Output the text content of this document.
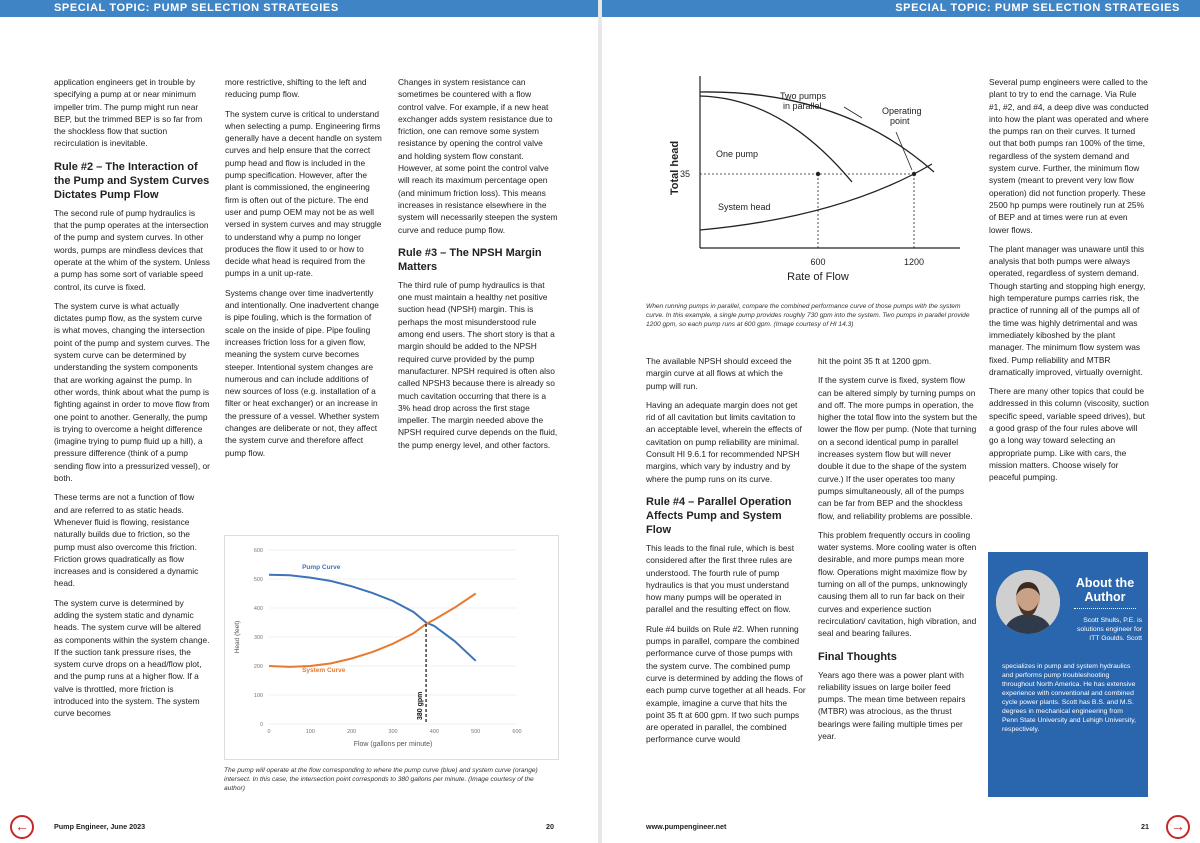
SPECIAL TOPIC: PUMP SELECTION STRATEGIES	SPECIAL TOPIC: PUMP SELECTION STRATEGIES

application engineers get in trouble by specifying a pump at or near minimum impeller trim. The pump might run near BEP, but the trimmed BEP is so far from the shockless flow that suction recirculation is inevitable.

Rule #2 – The Interaction of the Pump and System Curves Dictates Pump Flow

The second rule of pump hydraulics is that the pump operates at the intersection of the pump and system curves. In other words, pumps are mindless devices that operate at the whim of the system. Unless a pump has some sort of variable speed control, its curve is fixed.

The system curve is what actually dictates pump flow, as the system curve is what moves, changing the intersection point of the pump and system curves. The system curve can be determined by understanding the system components that are working against the pump. In other words, think about what the pump is fighting against in order to move flow from one point to another. Generally, the pump is trying to overcome a height difference (imagine trying to pump fluid up a hill), a pressure difference (think of a pump sending flow into a pressurized vessel), or both.

These terms are not a function of flow and are referred to as static heads. Whenever fluid is flowing, resistance naturally builds due to friction, so the pump must also overcome this friction. Friction grows quadratically as flow increases and is considered a dynamic head.

The system curve is determined by adding the system static and dynamic heads. The system curve will be altered as components within the system change. If the suction tank pressure rises, the system curve drops on a head/flow plot, and the pump runs at a higher flow. If a valve is throttled, more friction is introduced into the system. The system curve becomes

more restrictive, shifting to the left and reducing pump flow.

The system curve is critical to understand when selecting a pump. Engineering firms generally have a decent handle on system curves and help ensure that the correct pump head and flow is included in the pump specification. However, after the plant is commissioned, the engineering firm is often out of the picture. The end user and pump OEM may not be as well versed in system curves and may struggle to understand why a pump no longer produces the flow it used to or how to decide what head is required from the pumps in a unit up-rate.

Systems change over time inadvertently and intentionally. One inadvertent change is pipe fouling, which is the formation of scale on the inside of pipe. Pipe fouling increases friction loss for a given flow, meaning the system curve becomes steeper. Intentional system changes are numerous and can include additions of new sources of loss (e.g. installation of a filter or heat exchanger) or an increase in the pressure of a vessel. Whether system changes are deliberate or not, they affect the system curve and therefore affect pump flow.

Changes in system resistance can sometimes be countered with a flow control valve. For example, if a new heat exchanger adds system resistance due to friction, one can remove some system resistance by opening the control valve and holding system flow constant. However, at some point the control valve will reach its maximum percentage open (and minimum friction loss). This means increases in resistance elsewhere in the system will necessarily steepen the system curve and reduce pump flow.

Rule #3 – The NPSH Margin Matters

The third rule of pump hydraulics is that one must maintain a healthy net positive suction head (NPSH) margin. This is perhaps the most misunderstood rule among end users. The short story is that a margin should be added to the NPSH required curve provided by the pump manufacturer. NPSH required is often also called NPSH3 because there is already so much cavitation occurring that there is a 3% head drop across the first stage impeller. The margin needed above the NPSH required curve depends on the fluid, the pump energy level, and other factors.

0
100
200
300
400
500
600
0	100	200	300	400	500	600
Flow (gallons per minute)
Head (feet)
Pump Curve
System Curve
380 gpm
The pump will operate at the flow corresponding to where the pump curve (blue) and system curve (orange) intersect. In this case, the intersection point corresponds to 380 gallons per minute. (Image courtesy of the author)
35
600	1200
Rate of Flow
Total head
Two pumps in parallel	Operating point
One pump
System head
When running pumps in parallel, compare the combined performance curve of those pumps with the system curve. In this example, a single pump provides roughly 730 gpm into the system. Two pumps in parallel provide 1200 gpm, so each pump runs at 600 gpm. (Image courtesy of HI 14.3)

The available NPSH should exceed the margin curve at all flows at which the pump will run.

Having an adequate margin does not get rid of all cavitation but limits cavitation to an acceptable level, wherein the effects of cavitation on pump reliability are minimal. Consult HI 9.6.1 for recommended NPSH margins, which vary by industry and by where the pump runs on its curve.

Rule #4 – Parallel Operation Affects Pump and System Flow

This leads to the final rule, which is best considered after the first three rules are understood. The fourth rule of pump hydraulics is that you must understand how many pumps will be operated in parallel and the resulting effect on flow.

Rule #4 builds on Rule #2. When running pumps in parallel, compare the combined performance curve of those pumps with the system curve. The combined pump curve is determined by adding the flows of each pump curve together at all heads. For example, imagine a curve that hits the point 35 ft at 600 gpm. If two such pumps are operated in parallel, the combined performance curve would

hit the point 35 ft at 1200 gpm.

If the system curve is fixed, system flow can be altered simply by turning pumps on and off. The more pumps in operation, the higher the total flow into the system but the lower the flow per pump. (Note that turning on a second identical pump in parallel increases system flow but will never double it due to the shape of the system curve.) If the user operates too many pumps simultaneously, all of the pumps can be far from BEP and the shockless flow, and reliability problems are possible.

This problem frequently occurs in cooling water systems. More cooling water is often desirable, and more pumps mean more flow. Operations might maximize flow by turning on all of the pumps, unknowingly causing them all to run far back on their curves and experience suction recirculation/ cavitation, high vibration, and seal and bearing failures.

Final Thoughts

Years ago there was a power plant with reliability issues on large boiler feed pumps. The mean time between repairs (MTBR) was atrocious, as the thrust bearings were failing multiple times per year.

Several pump engineers were called to the plant to try to end the carnage. Via Rule #1, #2, and #4, a deep dive was conducted into how the plant was operated and where the pumps ran on their curves. It turned out that both pumps ran 100% of the time, regardless of the system demand and system curve. Further, the minimum flow system (meant to prevent very low flow operation) did not function properly. These 2500 hp pumps were routinely run at 25% of BEP and at times were run at even lower flows.

The plant manager was unaware until this analysis that both pumps were always operated, regardless of system demand. Though starting and stopping high energy, high temperature pumps carries risk, the practice of running all of the pumps all of the time was highly detrimental and was immediately kiboshed by the plant manager. The minimum flow system was fixed. Pump reliability and MTBR dramatically improved, virtually overnight.

There are many other topics that could be addressed in this column (viscosity, suction specific speed, variable speed drives), but a good grasp of the four rules above will go a long way toward selecting an appropriate pump. Like with cars, the mission matters. Choose wisely for peaceful pumping.

About the Author
Scott Shults, P.E. is solutions engineer for ITT Goulds. Scott
specializes in pump and system hydraulics and performs pump troubleshooting throughout North America. He has extensive experience with conventional and combined cycle power plants. Scott has B.S. and M.S. degrees in mechanical engineering from Penn State University and Lehigh University, respectively.
←	Pump Engineer, June 2023	20	www.pumpengineer.net	21	→
